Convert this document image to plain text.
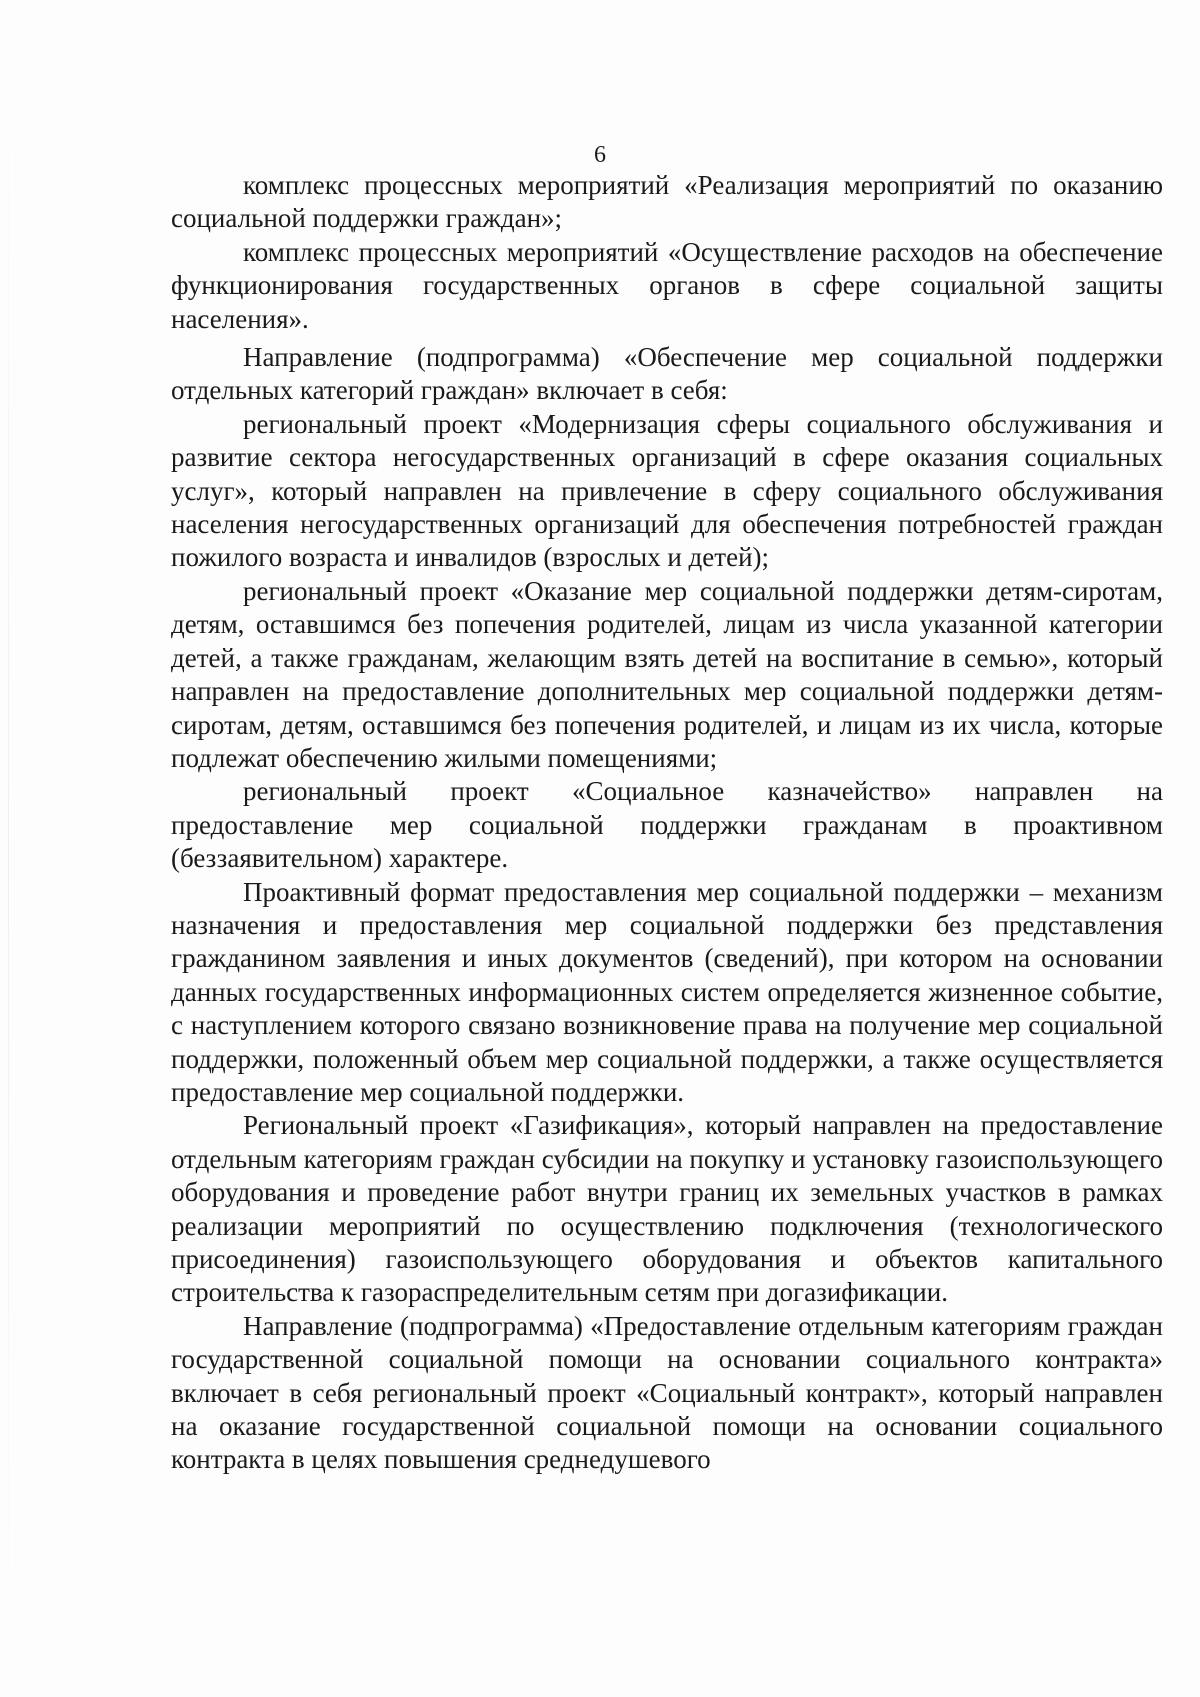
6

комплекс процессных мероприятий «Реализация мероприятий по оказанию социальной поддержки граждан»;

комплекс процессных мероприятий «Осуществление расходов на обеспечение функционирования государственных органов в сфере социальной защиты населения».

Направление (подпрограмма) «Обеспечение мер социальной поддержки отдельных категорий граждан» включает в себя:

региональный проект «Модернизация сферы социального обслуживания и развитие сектора негосударственных организаций в сфере оказания социальных услуг», который направлен на привлечение в сферу социального обслуживания населения негосударственных организаций для обеспечения потребностей граждан пожилого возраста и инвалидов (взрослых и детей);

региональный проект «Оказание мер социальной поддержки детям-сиротам, детям, оставшимся без попечения родителей, лицам из числа указанной категории детей, а также гражданам, желающим взять детей на воспитание в семью», который направлен на предоставление дополнительных мер социальной поддержки детям-сиротам, детям, оставшимся без попечения родителей, и лицам из их числа, которые подлежат обеспечению жилыми помещениями;

региональный проект «Социальное казначейство» направлен на предоставление мер социальной поддержки гражданам в проактивном (беззаявительном) характере.

Проактивный формат предоставления мер социальной поддержки – механизм назначения и предоставления мер социальной поддержки без представления гражданином заявления и иных документов (сведений), при котором на основании данных государственных информационных систем определяется жизненное событие, с наступлением которого связано возникновение права на получение мер социальной поддержки, положенный объем мер социальной поддержки, а также осуществляется предоставление мер социальной поддержки.

Региональный проект «Газификация», который направлен на предоставление отдельным категориям граждан субсидии на покупку и установку газоиспользующего оборудования и проведение работ внутри границ их земельных участков в рамках реализации мероприятий по осуществлению подключения (технологического присоединения) газоиспользующего оборудования и объектов капитального строительства к газораспределительным сетям при догазификации.

Направление (подпрограмма) «Предоставление отдельным категориям граждан государственной социальной помощи на основании социального контракта» включает в себя региональный проект «Социальный контракт», который направлен на оказание государственной социальной помощи на основании социального контракта в целях повышения среднедушевого
